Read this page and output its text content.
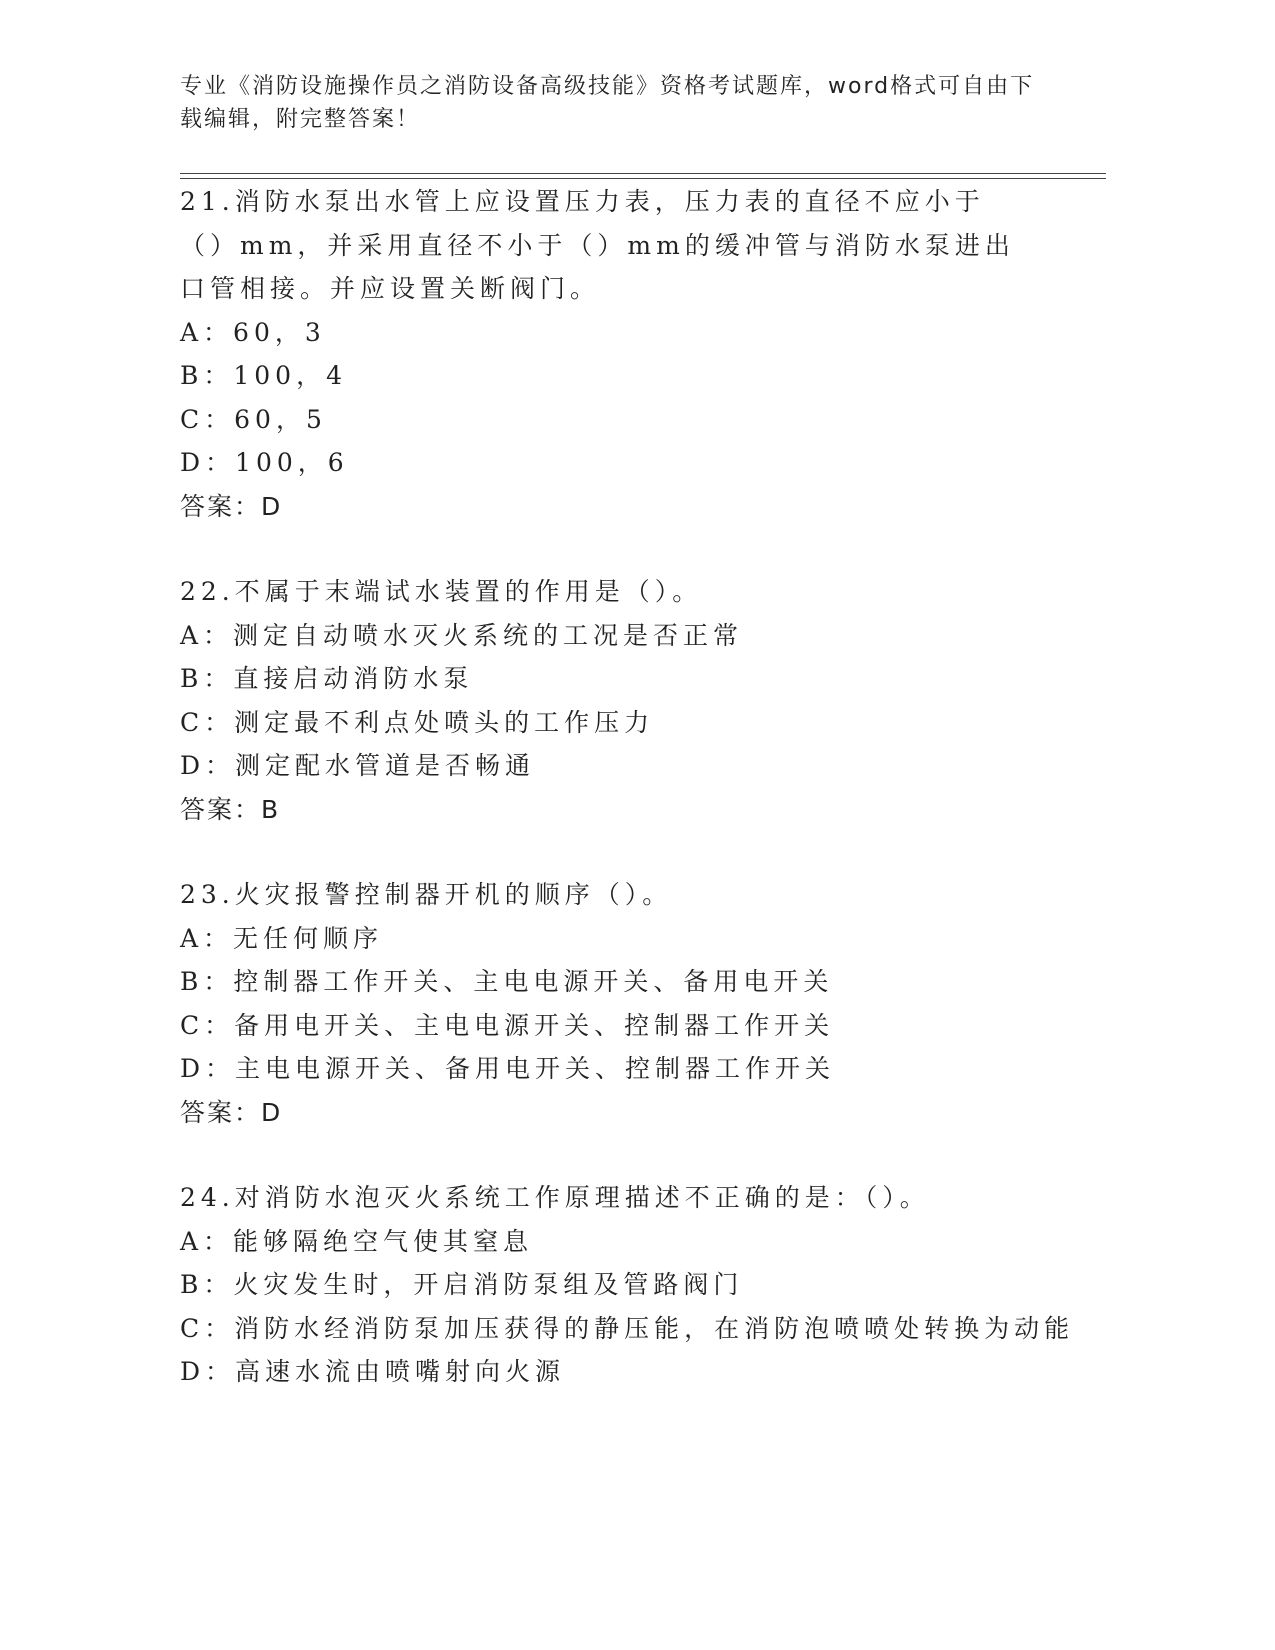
专业《消防设施操作员之消防设备高级技能》资格考试题库，word格式可自由下
载编辑，附完整答案！
21.消防水泵出水管上应设置压力表，压力表的直径不应小于（）mm，并采用直径不小于（）mm的缓冲管与消防水泵进出口管相接。并应设置关断阀门。
A：60，3
B：100，4
C：60，5
D：100，6
答案：D
22.不属于末端试水装置的作用是（）。
A：测定自动喷水灭火系统的工况是否正常
B：直接启动消防水泵
C：测定最不利点处喷头的工作压力
D：测定配水管道是否畅通
答案：B
23.火灾报警控制器开机的顺序（）。
A：无任何顺序
B：控制器工作开关、主电电源开关、备用电开关
C：备用电开关、主电电源开关、控制器工作开关
D：主电电源开关、备用电开关、控制器工作开关
答案：D
24.对消防水泡灭火系统工作原理描述不正确的是：（）。
A：能够隔绝空气使其窒息
B：火灾发生时，开启消防泵组及管路阀门
C：消防水经消防泵加压获得的静压能，在消防泡喷喷处转换为动能
D：高速水流由喷嘴射向火源
